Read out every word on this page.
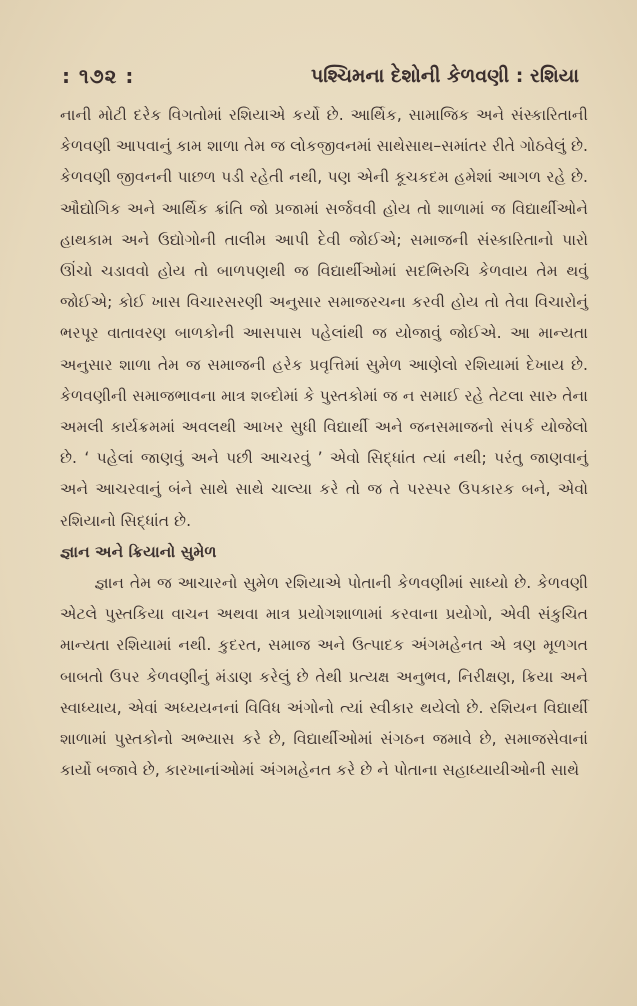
: ૧૭૨ :	પશ્ચિમના દેશોની કેળવણી : રશિયા

નાની મોટી દરેક વિગતોમાં રશિયાએ કર્યો છે. આર્થિક, સામાજિક અને સંસ્કારિતાની કેળવણી આપવાનું કામ શાળા તેમ જ લોકજીવનમાં સાથેસાથ–સમાંતર રીતે ગોઠવેલું છે. કેળવણી જીવનની પાછળ પડી રહેતી નથી, પણ એની કૂચકદમ હમેશાં આગળ રહે છે. ઔદ્યોગિક અને આર્થિક ક્રાંતિ જો પ્રજામાં સર્જવવી હોય તો શાળામાં જ વિદ્યાર્થીઓને હાથકામ અને ઉદ્યોગોની તાલીમ આપી દેવી જોઈએ; સમાજની સંસ્કારિતાનો પારો ઊંચો ચડાવવો હોય તો બાળપણથી જ વિદ્યાર્થીઓમાં સદભિરુચિ કેળવાય તેમ થવું જોઈએ; કોઈ ખાસ વિચારસરણી અનુસાર સમાજરચના કરવી હોય તો તેવા વિચારોનું ભરપૂર વાતાવરણ બાળકોની આસપાસ પહેલાંથી જ યોજાવું જોઈએ. આ માન્યતા અનુસાર શાળા તેમ જ સમાજની હરેક પ્રવૃત્તિમાં સુમેળ આણેલો રશિયામાં દેખાય છે. કેળવણીની સમાજભાવના માત્ર શબ્દોમાં કે પુસ્તકોમાં જ ન સમાઈ રહે તેટલા સારુ તેના અમલી કાર્યક્રમમાં અવલથી આખર સુધી વિદ્યાર્થી અને જનસમાજનો સંપર્ક યોજેલો છે. ‘ પહેલાં જાણવું અને પછી આચરવું ’ એવો સિદ્ધાંત ત્યાં નથી; પરંતુ જાણવાનું અને આચરવાનું બંને સાથે સાથે ચાલ્યા કરે તો જ તે પરસ્પર ઉપકારક બને, એવો રશિયાનો સિદ્ધાંત છે.

જ્ઞાન અને ક્રિયાનો સુમેળ

જ્ઞાન તેમ જ આચારનો સુમેળ રશિયાએ પોતાની કેળવણીમાં સાધ્યો છે. કેળવણી એટલે પુસ્તકિયા વાચન અથવા માત્ર પ્રયોગશાળામાં કરવાના પ્રયોગો, એવી સંકુચિત માન્યતા રશિયામાં નથી. કુદરત, સમાજ અને ઉત્પાદક અંગમહેનત એ ત્રણ મૂળગત બાબતો ઉપર કેળવણીનું મંડાણ કરેલું છે તેથી પ્રત્યક્ષ અનુભવ, નિરીક્ષણ, ક્રિયા અને સ્વાધ્યાય, એવાં અધ્યયનનાં વિવિધ અંગોનો ત્યાં સ્વીકાર થયેલો છે. રશિયન વિદ્યાર્થી શાળામાં પુસ્તકોનો અભ્યાસ કરે છે, વિદ્યાર્થીઓમાં સંગઠન જમાવે છે, સમાજસેવાનાં કાર્યો બજાવે છે, કારખાનાંઓમાં અંગમહેનત કરે છે ને પોતાના સહાધ્યાયીઓની સાથે
